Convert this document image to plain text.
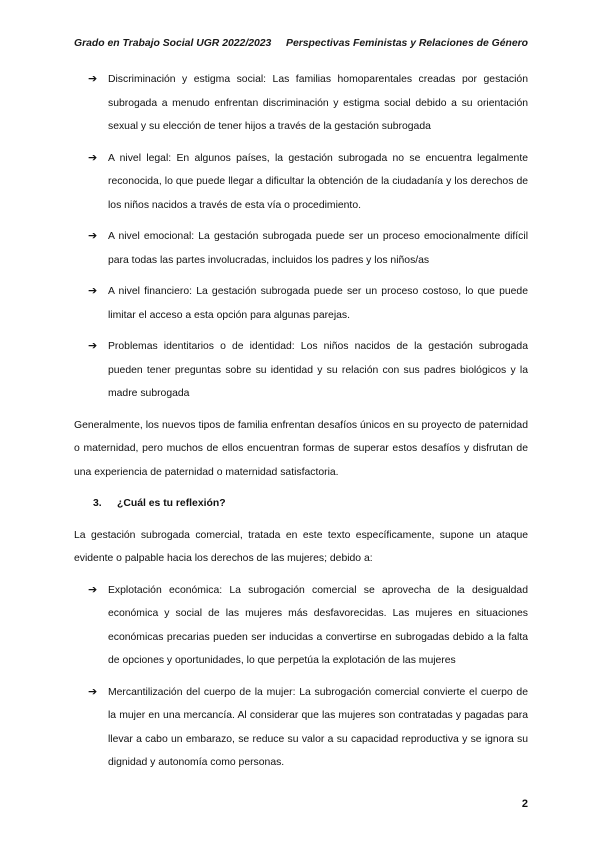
Grado en Trabajo Social UGR 2022/2023 Perspectivas Feministas y Relaciones de Género
➔ Discriminación y estigma social: Las familias homoparentales creadas por gestación subrogada a menudo enfrentan discriminación y estigma social debido a su orientación sexual y su elección de tener hijos a través de la gestación subrogada
➔ A nivel legal: En algunos países, la gestación subrogada no se encuentra legalmente reconocida, lo que puede llegar a dificultar la obtención de la ciudadanía y los derechos de los niños nacidos a través de esta vía o procedimiento.
➔ A nivel emocional: La gestación subrogada puede ser un proceso emocionalmente difícil para todas las partes involucradas, incluidos los padres y los niños/as
➔ A nivel financiero: La gestación subrogada puede ser un proceso costoso, lo que puede limitar el acceso a esta opción para algunas parejas.
➔ Problemas identitarios o de identidad: Los niños nacidos de la gestación subrogada pueden tener preguntas sobre su identidad y su relación con sus padres biológicos y la madre subrogada

Generalmente, los nuevos tipos de familia enfrentan desafíos únicos en su proyecto de paternidad o maternidad, pero muchos de ellos encuentran formas de superar estos desafíos y disfrutan de una experiencia de paternidad o maternidad satisfactoria.

3. ¿Cuál es tu reflexión?

La gestación subrogada comercial, tratada en este texto específicamente, supone un ataque evidente o palpable hacia los derechos de las mujeres; debido a:

➔ Explotación económica: La subrogación comercial se aprovecha de la desigualdad económica y social de las mujeres más desfavorecidas. Las mujeres en situaciones económicas precarias pueden ser inducidas a convertirse en subrogadas debido a la falta de opciones y oportunidades, lo que perpetúa la explotación de las mujeres
➔ Mercantilización del cuerpo de la mujer: La subrogación comercial convierte el cuerpo de la mujer en una mercancía. Al considerar que las mujeres son contratadas y pagadas para llevar a cabo un embarazo, se reduce su valor a su capacidad reproductiva y se ignora su dignidad y autonomía como personas.
2
